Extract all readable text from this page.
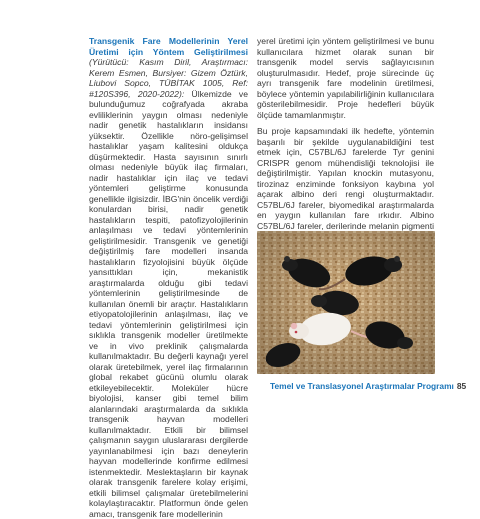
Transgenik Fare Modellerinin Yerel Üretimi için Yöntem Geliştirilmesi (Yürütücü: Kasım Diril, Araştırmacı: Kerem Esmen, Bursiyer: Gizem Öztürk, Liubovi Sopco, TÜBİTAK 1005, Ref: #120S396, 2020-2022): Ülkemizde ve bulunduğumuz coğrafyada akraba evliliklerinin yaygın olması nedeniyle nadir genetik hastalıkların insidansı yüksektir. Özellikle nöro-gelişimsel hastalıklar yaşam kalitesini oldukça düşürmektedir. Hasta sayısının sınırlı olması nedeniyle büyük ilaç firmaları, nadir hastalıklar için ilaç ve tedavi yöntemleri geliştirme konusunda genellikle ilgisizdir. İBG'nin öncelik verdiği konulardan birisi, nadir genetik hastalıkların tespiti, patofizyolojilerinin anlaşılması ve tedavi yöntemlerinin geliştirilmesidir. Transgenik ve genetiği değiştirilmiş fare modelleri insanda hastalıkların fizyolojisini büyük ölçüde yansıttıkları için, mekanistik araştırmalarda olduğu gibi tedavi yöntemlerinin geliştirilmesinde de kullanılan önemli bir araçtır. Hastalıkların etiyopatolojilerinin anlaşılması, ilaç ve tedavi yöntemlerinin geliştirilmesi için sıklıkla transgenik modeller üretilmekte ve in vivo preklinik çalışmalarda kullanılmaktadır. Bu değerli kaynağı yerel olarak üretebilmek, yerel ilaç firmalarının global rekabet gücünü olumlu olarak etkileyebilecektir. Moleküler hücre biyolojisi, kanser gibi temel bilim alanlarındaki araştırmalarda da sıklıkla transgenik hayvan modelleri kullanılmaktadır. Etkili bir bilimsel çalışmanın saygın uluslararası dergilerde yayınlanabilmesi için bazı deneylerin hayvan modellerinde konfirme edilmesi istenmektedir. Meslektaşların bir kaynak olarak transgenik farelere kolay erişimi, etkili bilimsel çalışmalar üretebilmelerini kolaylaştıracaktır. Platformun önde gelen amacı, transgenik fare modellerinin

yerel üretimi için yöntem geliştirilmesi ve bunu kullanıcılara hizmet olarak sunan bir transgenik model servis sağlayıcısının oluşturulmasıdır. Hedef, proje sürecinde üç ayrı transgenik fare modelinin üretilmesi, böylece yöntemin yapılabilirliğinin kullanıcılara gösterilebilmesidir. Proje hedefleri büyük ölçüde tamamlanmıştır.

Bu proje kapsamındaki ilk hedefte, yöntemin başarılı bir şekilde uygulanabildiğini test etmek için, C57BL/6J farelerde Tyr genini CRISPR genom mühendisliği teknolojisi ile değiştirilmiştir. Yapılan knockin mutasyonu, tirozinaz enziminde fonksiyon kaybına yol açarak albino deri rengi oluşturmaktadır. C57BL/6J fareler, biyomedikal araştırmalarda en yaygın kullanılan fare ırkıdır. Albino C57BL/6J fareler, derilerinde melanin pigmenti

Temel ve Translasyonel Araştırmalar Programı 85
